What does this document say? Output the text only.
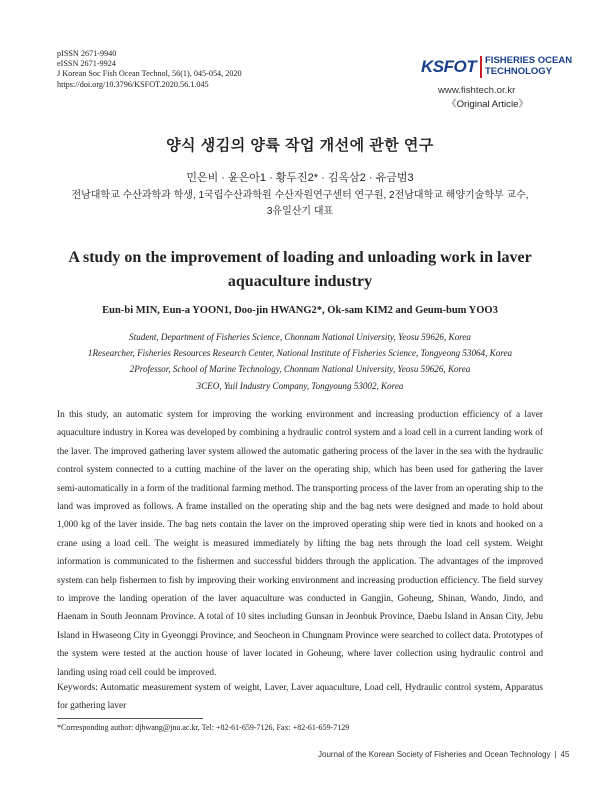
pISSN 2671-9940
eISSN 2671-9924
J Korean Soc Fish Ocean Technol, 56(1), 045-054, 2020
https://doi.org/10.3796/KSFOT.2020.56.1.045
KSFOT FISHERIES OCEAN
TECHNOLOGY
www.fishtech.or.kr
《Original Article》
양식 생김의 양륙 작업 개선에 관한 연구
민은비 · 윤은아1 · 황두진2* · 김옥삼2 · 유금범3
전남대학교 수산과학과 학생, 1국립수산과학원 수산자원연구센터 연구원, 2전남대학교 해양기술학부 교수,
3유일산기 대표
A study on the improvement of loading and unloading work in laver
aquaculture industry
Eun-bi MIN, Eun-a YOON1, Doo-jin HWANG2*, Ok-sam KIM2 and Geum-bum YOO3
Student, Department of Fisheries Science, Chonnam National University, Yeosu 59626, Korea
1Researcher, Fisheries Resources Research Center, National Institute of Fisheries Science, Tongyeong 53064, Korea
2Professor, School of Marine Technology, Chonnam National University, Yeosu 59626, Korea
3CEO, Yuil Industry Company, Tongyoung 53002, Korea
In this study, an automatic system for improving the working environment and increasing production efficiency of a laver aquaculture industry in Korea was developed by combining a hydraulic control system and a load cell in a current landing work of the laver. The improved gathering laver system allowed the automatic gathering process of the laver in the sea with the hydraulic control system connected to a cutting machine of the laver on the operating ship, which has been used for gathering the laver semi-automatically in a form of the traditional farming method. The transporting process of the laver from an operating ship to the land was improved as follows. A frame installed on the operating ship and the bag nets were designed and made to hold about 1,000 kg of the laver inside. The bag nets contain the laver on the improved operating ship were tied in knots and hooked on a crane using a load cell. The weight is measured immediately by lifting the bag nets through the load cell system. Weight information is communicated to the fishermen and successful bidders through the application. The advantages of the improved system can help fishermen to fish by improving their working environment and increasing production efficiency. The field survey to improve the landing operation of the laver aquaculture was conducted in Gangjin, Goheung, Shinan, Wando, Jindo, and Haenam in South Jeonnam Province. A total of 10 sites including Gunsan in Jeonbuk Province, Daebu Island in Ansan City, Jebu Island in Hwaseong City in Gyeonggi Province, and Seocheon in Chungnam Province were searched to collect data. Prototypes of the system were tested at the auction house of laver located in Goheung, where laver collection using hydraulic control and landing using road cell could be improved.
Keywords: Automatic measurement system of weight, Laver, Laver aquaculture, Load cell, Hydraulic control system, Apparatus for gathering laver
*Corresponding author: djhwang@jnu.ac.kr, Tel: +82-61-659-7126, Fax: +82-61-659-7129
Journal of the Korean Society of Fisheries and Ocean Technology | 45
